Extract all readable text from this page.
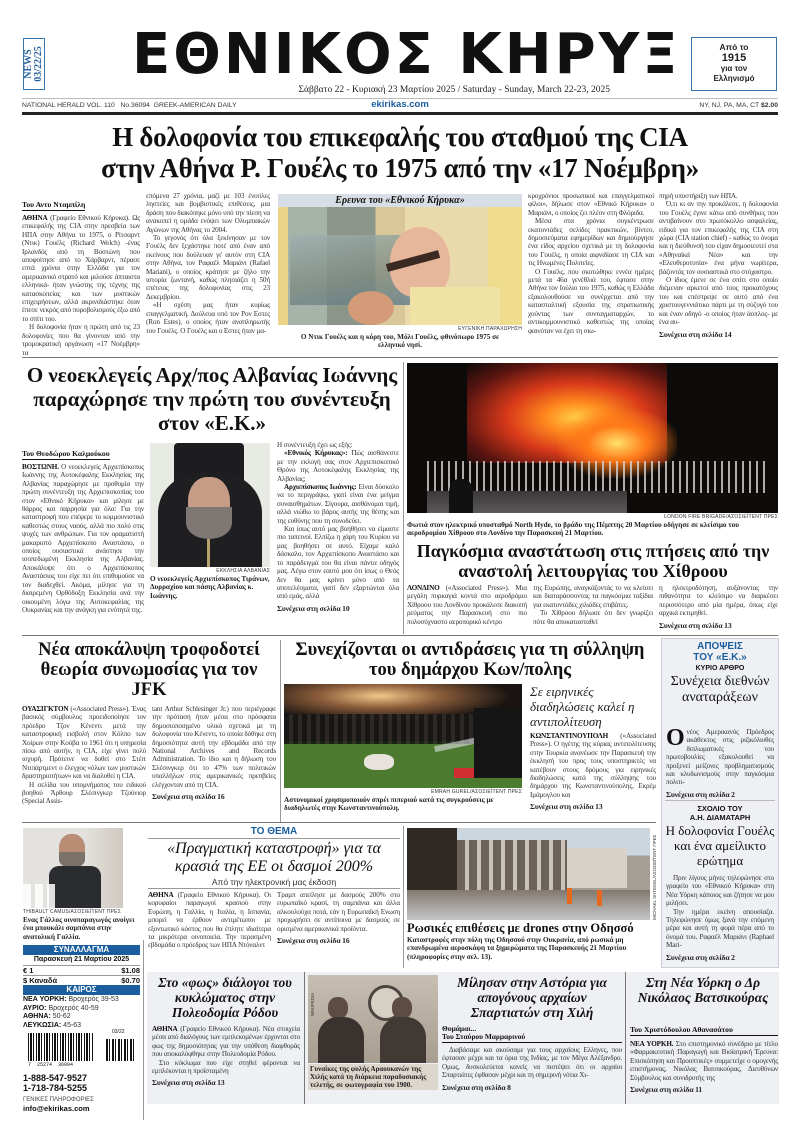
NEWS 03/22/25 ΕΘΝΙΚΟΣ ΚΗΡΥΞ
Σάββατο 22 - Κυριακή 23 Μαρτίου 2025 / Saturday - Sunday, March 22-23, 2025
Από το
1915
για τον
Ελληνισμό
NATIONAL HERALD VOL. 110   No.36094  GREEK-AMERICAN DAILY	ekirikas.com	NY, NJ, PA, MA, CT $2.00
Η δολοφονία του επικεφαλής του σταθμού της CIA
στην Αθήνα Ρ. Γουέλς το 1975 από την «17 Νοέμβρη»
Του Αντυ Νταμπίλη

ΑΘΗΝΑ (Γραφείο Εθνικού Κήρυκα). Ως επικεφαλής της CIA στην πρεσβεία των ΗΠΑ στην Αθήνα το 1975, ο Ρίτσαρντ (Ντικ) Γουέλς (Richard Welch) -ένας Ιρλανδός από τη Βοστώνη που αποφοίτησε από το Χάρβαρντ, πέρασε επτά χρόνια στην Ελλάδα για τον αμερικανικό στρατό και μιλούσε άπταιστα ελληνικά- ήταν γνώστης της τέχνης της κατασκοπείας και των μυστικών επιχειρήσεων, αλλά ακρινιδιάστηκε όταν έπεσε νεκρός από πυροβολισμούς έξω από το σπίτι του.

Η δολοφονία ήταν η πρώτη από τις 23 δολοφονίες που θα γίνονταν από την τρομοκρατική οργάνωση «17 Νοέμβρη» τα

επόμενα 27 χρόνια, μαζί με 103 ένοπλες ληστείες και βομβιστικές επιθέσεις, μια δράση που διακόπηκε μόνο υπό την πίεση να ανακοπεί η ομάδα ενόψει των Ολυμπιακών Αγώνων της Αθήνας το 2004.

Το γεγονός ότι όλα ξεκίνησαν με τον Γουέλς δεν ξεχάστηκε ποτέ από έναν από εκείνους που δούλευαν γι' αυτόν στη CIA στην Αθήνα, τον Ραφαέλ Μαριάνι (Rafael Mariani), ο οποίος κράτησε με ζήλο την ιστορία ζωντανή, καθώς πλησιάζει η 50ή επέτειος της δολοφονίας στις 23 Δεκεμβρίου.

«Η σχέση μας ήταν κυρίως επαγγελματική. Δούλευα υπό τον Ρον Εστες (Ron Estes), ο οποίος ήταν αναπληρωτής του Γουέλς. Ο Γουέλς και ο Εστες ήταν μα-

Ερευνα του «Εθνικού Κήρυκα»
ΕΥΓΕΝΙΚΗ ΠΑΡΑΧΩΡΗΣΗ
Ο Ντικ Γουέλς και η κόρη του, Μόλι Γουέλς, φθινόπωρο 1975 σε ελληνικό νησί.

κροχρόνιοι προσωπικοί και επαγγελματικοί φίλοι», δήλωσε στον «Εθνικό Κήρυκα» ο Μαριάνι, ο οποίος ζει πλέον στη Φλόριδα.

Μέσα στα χρόνια συγκέντρωσε εκατοντάδες σελίδες πρακτικών, βίντεο, δημοσιεύματα εφημερίδων και δημιούργησε ένα είδος αρχείου σχετικά με τη δολοφονία του Γουέλς, η οποία αιφνιδίασε τη CIA και τις Ηνωμένες Πολιτείες.

Ο Γουέλς, που σκοτώθηκε εννέα ημέρες μετά τα 46α γενέθλιά του, έφτασε στην Αθήνα τον Ιούλιο του 1975, καθώς η Ελλάδα εξακολουθούσε να συνέρχεται από την κατασταλτική εξουσία της στρατιωτικής χούντας των συνταγματαρχών, το αντικομμουνιστικό καθεστώς της οποίας φαινόταν να έχει τη σιω-

πηρή υποστήριξη των ΗΠΑ.

Ό,τι κι αν την προκάλεσε, η δολοφονία του Γουέλς έγινε κάτω από συνθήκες που αντιβαίνουν στο πρωτόκολλο ασφαλείας, ειδικά για τον επικεφαλής της CIA στη χώρα (CIA station chief) - καθώς το όνομα και η διεύθυνσή του είχαν δημοσιευτεί στα «Αθηναϊκά Νέα» και την «Ελευθεροτυπία» ένα μήνα νωρίτερα, βάζοντάς τον ουσιαστικά στο στόχαστρο.

Ο ίδιος έμενε σε ένα σπίτι στο οποίο διέμεναν αρκετοί από τους προκατόχους του και επέστρεψε σε αυτό από ένα χριστουγεννιάτικο πάρτι με τη σύζυγό του και έναν οδηγό -ο οποίος ήταν άοπλος- με ένα αυ-

Συνέχεια στη σελίδα 14
Ο νεοεκλεγείς Αρχ/πος Αλβανίας Ιωάννης παραχώρησε την πρώτη του συνέντευξη στον «Ε.Κ.»
Του Θεοδώρου Καλμούκου

ΒΟΣΤΩΝΗ. Ο νεοεκλεγείς Αρχιεπίσκοπος Ιωάννης της Αυτοκέφαλης Εκκλησίας της Αλβανίας παραχώρησε με προθυμία την πρώτη συνέντευξη της Αρχιεπισκοπίας του στον «Εθνικό Κήρυκα» και μίλησε με θάρρος και παρρησία για όλα: Για την καταστροφή που επέφερε το κομμουνιστικό καθεστώς στους ναούς, αλλά πιο πολύ στις ψυχές των ανθρώπων. Για τον οραματιστή μακαριστό Αρχιεπίσκοπο Αναστάσιο, ο οποίος ουσιαστικά ανάστησε την ισοπεδωμένη Εκκλησία της Αλβανίας. Αποκάλυψε ότι ο Αρχιεπίσκοπος Αναστάσιος του είχε πει ότι επιθυμούσε να τον διαδεχθεί. Ακόμα, μίλησε για τη διαιρεμένη Ορθόδοξη Εκκλησία ανά την οικουμένη λόγω της Αυτοκεφαλίας της Ουκρανίας και την ανάγκη για ενότητά της.

ΕΚΚΛΗΣΙΑ ΑΛΒΑΝΙΑΣ
Ο νεοεκλεγείς Αρχιεπίσκοπος Τιράνων, Δυρραχίου και πάσης Αλβανίας κ. Ιωάννης.

Η συνέντευξη έχει ως εξής:

«Εθνικός Κήρυκας»: Πώς αισθάνεστε με την εκλογή σας στον Αρχιεπισκοπικό Θρόνο της Αυτοκέφαλης Εκκλησίας της Αλβανίας;

Αρχιεπίσκοπος Ιωάννης: Είναι δύσκολο να το περιγράψω, γιατί είναι ένα μείγμα συναισθημάτων. Σίγουρα, αισθάνομαι τιμή, αλλά νιώθω το βάρος αυτής της θέσης και της ευθύνης που τη συνοδεύει.

Και ίσως αυτό μας βοηθήσει να είμαστε πιο ταπεινοί. Ελπίζω η χάρη του Κυρίου να μας βοηθήσει σε αυτό. Είχαμε καλό δάσκαλο, τον Αρχιεπίσκοπο Αναστάσιο και το παράδειγμά του θα είναι πάντα οδηγός μας. Λέγω στον εαυτό μου ότι ίσως ο Θεός δεν θα μας κρίνει μόνο από τα αποτελέσματα, γιατί δεν εξαρτώνται όλα από εμάς, αλλά

Συνέχεια στη σελίδα 10
LONDON FIRE BRIGADE/ΑΣΟΣΙΕΪΤΕΝΤ ΠΡΕΣ
Φωτιά στον ηλεκτρικό υποσταθμό North Hyde, το βράδυ της Πέμπτης 20 Μαρτίου οδήγησε σε κλείσιμο του αεροδρομίου Χίθροου στο Λονδίνο την Παρασκευή 21 Μαρτίου.
Παγκόσμια αναστάτωση στις πτήσεις από την αναστολή λειτουργίας του Χίθροου

ΛΟΝΔΙΝΟ («Associated Press»). Μια μεγάλη πυρκαγιά κοντά στο αεροδρόμιο Χίθροου του Λονδίνου προκάλεσε διακοπή ρεύματος την Παρασκευή στο πιο πολυσύχναστο αεροπορικό κέντρο

της Ευρώπης, αναγκάζοντάς το να κλείσει και διαταράσσοντας τα παγκόσμια ταξίδια για εκατοντάδες χιλιάδες επιβάτες.

Το Χίθροου δήλωσε ότι δεν γνωρίζει πότε θα αποκατασταθεί

η ηλεκτροδότηση, αυξάνοντας την πιθανότητα το κλείσιμο να διαρκέσει περισσότερο από μία ημέρα, όπως είχε αρχικά εκτιμηθεί.

Συνέχεια στη σελίδα 13
Νέα αποκάλυψη τροφοδοτεί θεωρία συνωμοσίας για τον JFK

ΟΥΑΣΙΓΚΤΟΝ («Associated Press»). Ένας βασικός σύμβουλος προειδοποίησε τον πρόεδρο Τζον Κένεντι μετά την καταστροφική εισβολή στον Κόλπο των Χοίρων στην Κούβα το 1961 ότι η υπηρεσία πίσω από αυτήν, η CIA, είχε γίνει πολύ ισχυρή. Πρότεινε να δοθεί στο Στέιτ Ντιπάρτμεντ ο έλεγχος «όλων των μυστικών δραστηριοτήτων» και να διαλυθεί η CIA.

Η σελίδα του υπομνήματος του ειδικού βοηθού Άρθουρ Σλέσινγκερ Τζούνιορ (Special Assis-

tant Arthur Schlesinger Jr.) που περιέγραφε την πρόταση ήταν μέσα στο πρόσφατα δημοσιοποιημένο υλικό σχετικά με τη δολοφονία του Κένεντι, το οποία δόθηκε στη δημοσιότητα αυτή την εβδομάδα από την National Archives and Records Administration. Το ίδιο και η δήλωση του Σλέσινγκερ ότι το 47% των πολιτικών υπαλλήλων στις αμερικανικές πρεσβείες ελέγχονταν από τη CIA.

Συνέχεια στη σελίδα 16
Συνεχίζονται οι αντιδράσεις για τη σύλληψη του δημάρχου Κων/πολης
EMRAH GUREL/ΑΣΟΣΙΕΪΤΕΝΤ ΠΡΕΣ
Αστυνομικοί χρησιμοποιούν σπρέι πιπεριού κατά τις συγκρούσεις με διαδηλωτές στην Κωνσταντινούπολη.
Σε ειρηνικές διαδηλώσεις καλεί η αντιπολίτευση

ΚΩΝΣΤΑΝΤΙΝΟΥΠΟΛΗ («Associated Press»). Ο ηγέτης της κύριας αντιπολίτευσης στην Τουρκία ανανέωσε την Παρασκευή την έκκλησή του προς τους υποστηρικτές να κατέβουν στους δρόμους για ειρηνικές διαδηλώσεις κατά της σύλληψης του δημάρχου της Κωνσταντινούπολης, Εκρέμ Ιμάμογλου και

Συνέχεια στη σελίδα 13
ΑΠΟΨΕΙΣ
ΤΟΥ «Ε.Κ.»
ΚΥΡΙΟ ΑΡΘΡΟ
Συνέχεια διεθνών αναταράξεων

Ο νέος Αμερικανός Πρόεδρος ακάθεκτος στις ριζικόλιυθες διπλωματικές του πρωτοβουλίες εξακολουθεί να προξενεί μείζονες προβληματισμούς και κλυδωνισμούς στην παγκόσμια πολιτι-

Συνέχεια στη σελίδα 2
ΣΧΟΛΙΟ ΤΟΥ
Α.Η. ΔΙΑΜΑΤΑΡΗ
Η δολοφονία Γουέλς και ένα αμείλικτο ερώτημα

Πριν λίγους μήνες τηλεφώνησε στο γραφείο του «Εθνικού Κήρυκα» στη Νέα Υόρκη κάποιος και ζήτησε να μου μιλήσει.

Την ημέρα εκείνη απουσίαζα. Τηλεφώνησε όμως ξανά την επόμενη μέρα και αυτή τη φορά πέρα από το όνομά του, Ραφαέλ Μαριάνι (Raphael Mari-

Συνέχεια στη σελίδα 2
THIBAULT CAMUS/ΑΣΟΣΙΕΪΤΕΝΤ ΠΡΕΣ
Ενας Γάλλος οινοπαραγωγός ανοίγει ένα μπουκάλι σαμπάνια στην ανατολική Γαλλία.
ΣΥΝΑΛΛΑΓΜΑ
Παρασκευή 21 Μαρτίου 2025
€ 1	$1.08
$ Καναδά	$0.70
ΚΑΙΡΟΣ
ΝΕΑ ΥΟΡΚΗ: Βροχερός 39-53
ΑΥΡΙΟ: Βροχερός 40-59
ΑΘΗΝΑ: 50-62
ΛΕΥΚΩΣΙΑ: 45-63
03/22
7  25274  36094
1-888-547-9527
1-718-784-5255
ΓΕΝΙΚΕΣ ΠΛΗΡΟΦΟΡΙΕΣ
info@ekirikas.com
ΤΟ ΘΕΜΑ
«Πραγματική καταστροφή» για τα κρασιά της ΕΕ οι δασμοί 200%
Από την ηλεκτρονική μας έκδοση

ΑΘΗΝΑ (Γραφείο Εθνικού Κήρυκα). Οι κορυφαίοι παραγωγοί κρασιού στην Ευρώπη, η Γαλλία, η Ιταλία, η Ισπανία, μπορεί να έρθουν αντιμέτωποι με εξοντωτικό κόστος που θα έπλητε ιδιαίτερα τα μικρότερα οινοποιεία. Την περασμένη εβδομάδα ο πρόεδρος των ΗΠΑ Ντόναλντ

Τραμπ απείλησε με δασμούς 200% στο ευρωπαϊκό κρασί, τη σαμπάνια και άλλα αλκοολούχα ποτά, εάν η Ευρωπαϊκή Ενωση προχωρήσει σε αντίποινα με δασμούς σε ορισμένα αμερικανικά προϊόντα.

Συνέχεια στη σελίδα 16
MICHAEL SHTEKEL/ΑΣΟΣΙΕΪΤΕΝΤ ΠΡΕΣ
Ρωσικές επιθέσεις με drones στην Οδησσό
Καταστροφές στην πόλη της Οδησσού στην Ουκρανία, από ρωσικά μη επανδρωμένα αεροσκάφη τα ξημερώματα της Παρασκευής 21 Μαρτίου (πληροφορίες στην σελ. 13).
Στο «φως» διάλογοι του κυκλώματος στην Πολεοδομία Ρόδου

ΑΘΗΝΑ (Γραφείο Εθνικού Κήρυκα). Νέα στοιχεία μέσα από διαλόγους των εμπλεκομένων έρχονται στο φως της δημοσιότητας για την υπόθεση διαφθοράς που αποκαλύφθηκε στην Πολεοδομία Ρόδου.

Στο κύκλωμα που είχε στηθεί φέρονται να εμπλέκονται η προϊσταμένη

Συνέχεια στη σελίδα 13
WIKIPEDIA
Γυναίκες της φυλής Αραουκανών της Χιλής κατά τη διάρκεια παραδοσιακής τελετής, σε φωτογραφία του 1900.
Μίλησαν στην Αστόρια για απογόνους αρχαίων Σπαρτιατών στη Χιλή
Θυμάμαι...
Του Σταύρου Μαρμαρινού

Διαβάσαμε και ακούσαμε για τους αρχαίους Ελληνες, που έφτασαν μέχρι και τα όρια της Ινδίας, με τον Μέγα Αλέξανδρο. Ομως, δυσκολεύεται κανείς να πιστέψει ότι οι αρχαίοι Σπαρτιάτες έφθασαν μέχρι και τη σημερινή νότια Χι-

Συνέχεια στη σελίδα 8
Στη Νέα Υόρκη ο Δρ Νικόλαος Βατσικούρας
Του Χριστόδουλου Αθανασάτου

ΝΕΑ ΥΟΡΚΗ. Στο επιστημονικό συνέδριο με τίτλο «Φαρμακευτική Παραγωγή και Βιοϊατρική Έρευνα: Επισκόπηση και Προοπτικές» συμμετείχε ο ομογενής επιστήμονας, Νικόλας Βατσικούρας, Διευθύνων Σύμβουλος και συνιδρυτής της

Συνέχεια στη σελίδα 11
